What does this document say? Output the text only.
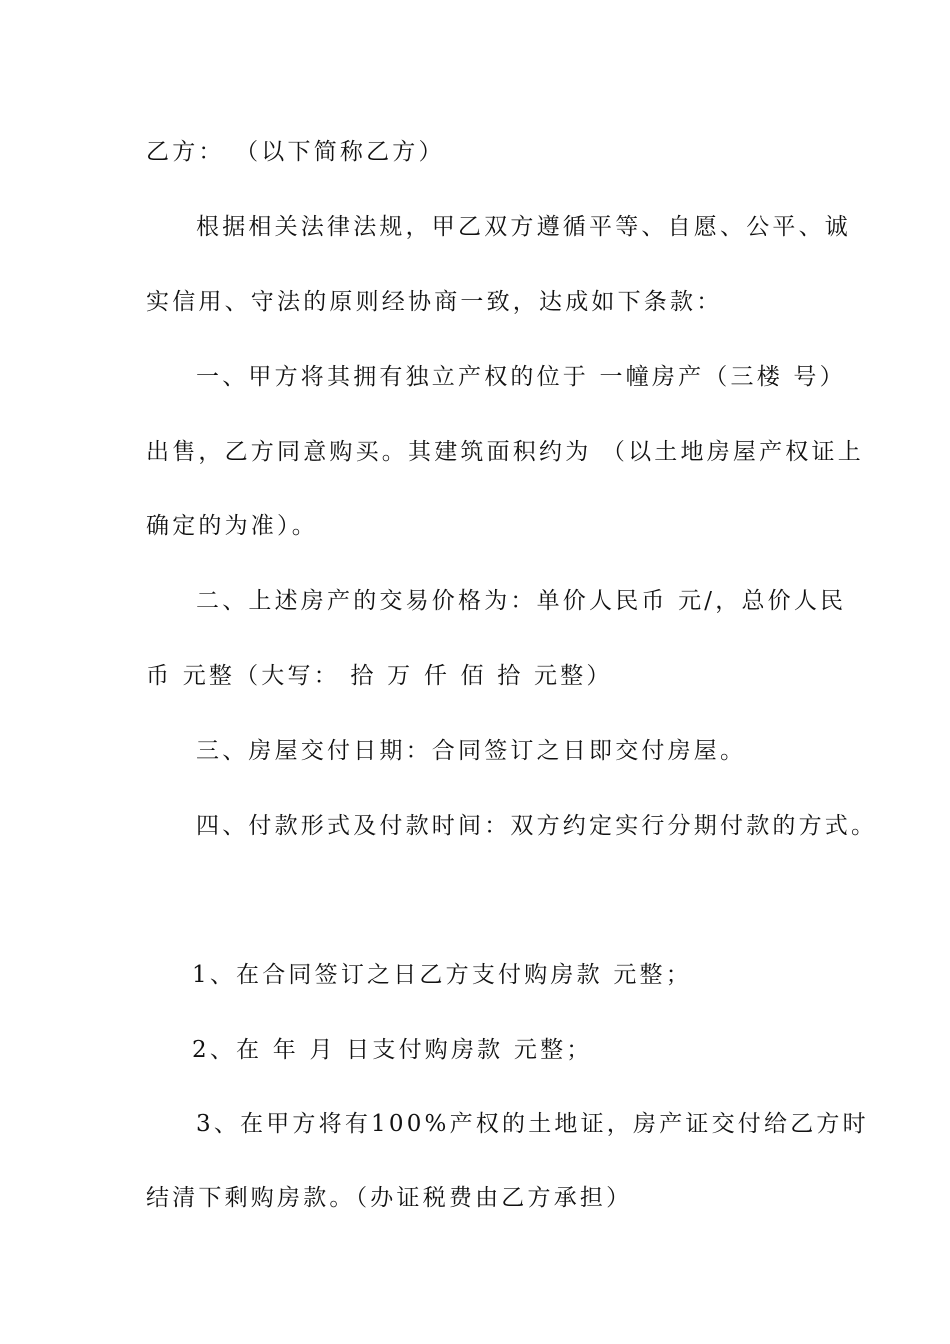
乙方： （以下简称乙方）
根据相关法律法规，甲乙双方遵循平等、自愿、公平、诚
实信用、守法的原则经协商一致，达成如下条款：
一、甲方将其拥有独立产权的位于 一幢房产（三楼 号）
出售，乙方同意购买。其建筑面积约为 （以土地房屋产权证上
确定的为准）。
二、上述房产的交易价格为：单价人民币 元/，总价人民
币 元整（大写： 拾 万 仟 佰 拾 元整）
三、房屋交付日期：合同签订之日即交付房屋。
四、付款形式及付款时间：双方约定实行分期付款的方式。
1、在合同签订之日乙方支付购房款 元整；
2、在 年 月 日支付购房款 元整；
3、在甲方将有100%产权的土地证，房产证交付给乙方时
结清下剩购房款。（办证税费由乙方承担）
